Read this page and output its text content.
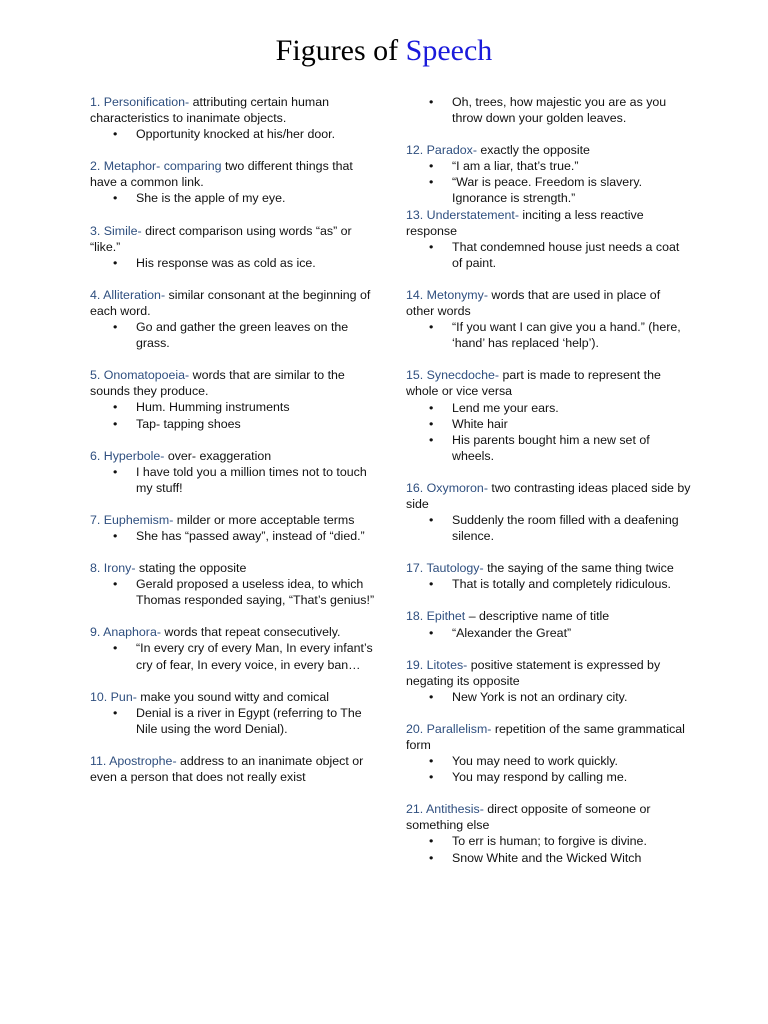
Figures of Speech
1. Personification- attributing certain human characteristics to inanimate objects.
• Opportunity knocked at his/her door.
2. Metaphor- comparing two different things that have a common link.
• She is the apple of my eye.
3. Simile- direct comparison using words “as” or “like.”
• His response was as cold as ice.
4. Alliteration- similar consonant at the beginning of each word.
• Go and gather the green leaves on the grass.
5. Onomatopoeia- words that are similar to the sounds they produce.
• Hum. Humming instruments
• Tap- tapping shoes
6. Hyperbole- over- exaggeration
• I have told you a million times not to touch my stuff!
7. Euphemism- milder or more acceptable terms
• She has “passed away”, instead of “died.”
8. Irony- stating the opposite
• Gerald proposed a useless idea, to which Thomas responded saying, “That’s genius!”
9. Anaphora- words that repeat consecutively.
• “In every cry of every Man, In every infant’s cry of fear, In every voice, in every ban…
10. Pun- make you sound witty and comical
• Denial is a river in Egypt (referring to The Nile using the word Denial).
11. Apostrophe- address to an inanimate object or even a person that does not really exist
• Oh, trees, how majestic you are as you throw down your golden leaves.
12. Paradox- exactly the opposite
• “I am a liar, that’s true.”
• “War is peace. Freedom is slavery. Ignorance is strength.”
13. Understatement- inciting a less reactive response
• That condemned house just needs a coat of paint.
14. Metonymy- words that are used in place of other words
• “If you want I can give you a hand.” (here, ‘hand’ has replaced ‘help’).
15. Synecdoche- part is made to represent the whole or vice versa
• Lend me your ears.
• White hair
• His parents bought him a new set of wheels.
16. Oxymoron- two contrasting ideas placed side by side
• Suddenly the room filled with a deafening silence.
17. Tautology- the saying of the same thing twice
• That is totally and completely ridiculous.
18. Epithet – descriptive name of title
• “Alexander the Great”
19. Litotes- positive statement is expressed by negating its opposite
• New York is not an ordinary city.
20. Parallelism- repetition of the same grammatical form
• You may need to work quickly.
• You may respond by calling me.
21. Antithesis- direct opposite of someone or something else
• To err is human; to forgive is divine.
• Snow White and the Wicked Witch
